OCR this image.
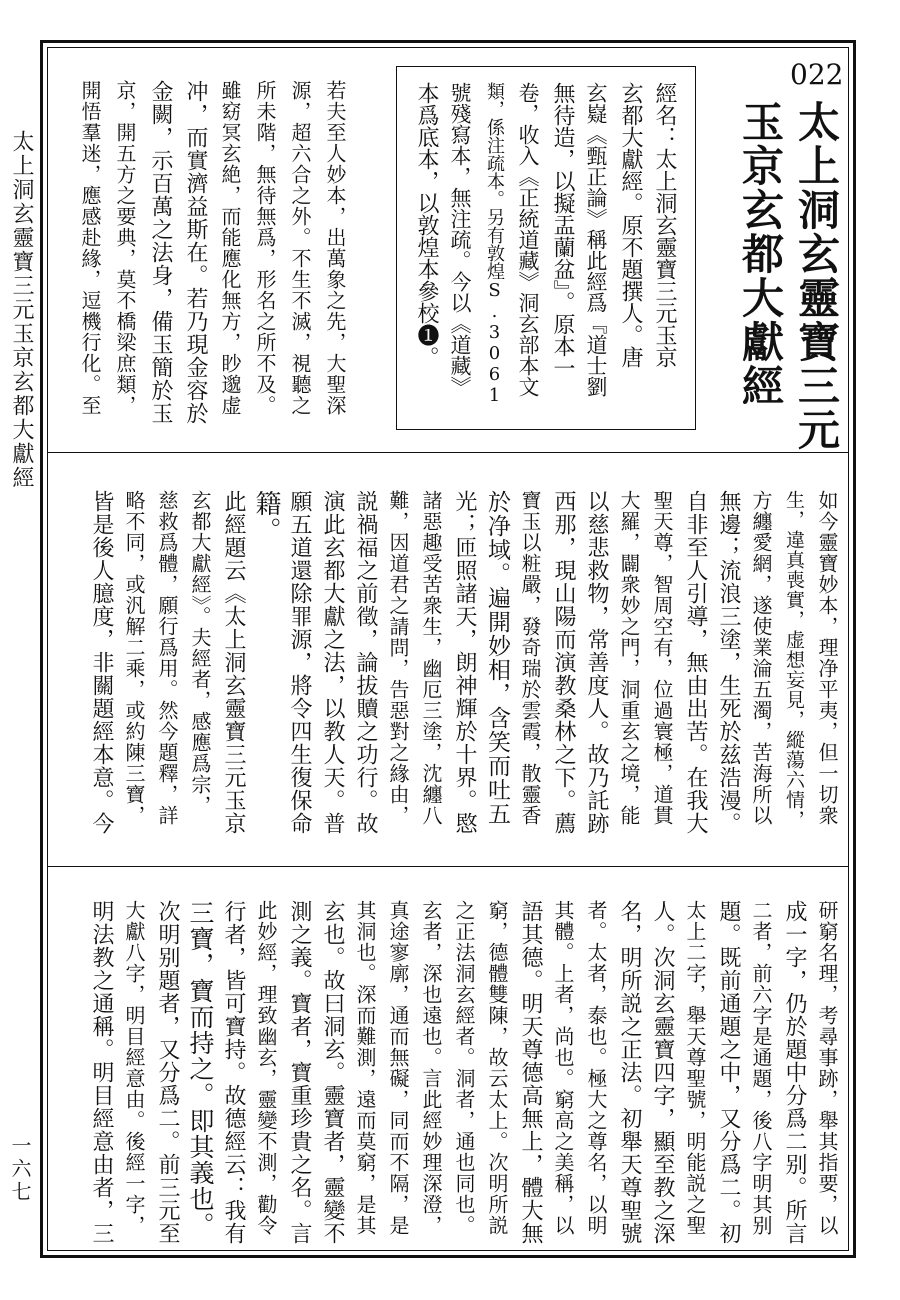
太上洞玄靈寶三元玉京玄都大獻經
一六七
022
太上洞玄靈寶三元
玉京玄都大獻經
經名：太上洞玄靈寶三元玉京
玄都大獻經。原不題撰人。唐
玄嶷《甄正論》稱此經爲『道士劉
無待造，以擬盂蘭盆』。原本一
卷，收入《正統道藏》洞玄部本文
類，係注疏本。另有敦煌S.3061
號殘寫本，無注疏。今以《道藏》
本爲底本，以敦煌本參校❶。
若夫至人妙本，出萬象之先，大聖深
源，超六合之外。不生不滅，視聽之
所未階，無待無爲，形名之所不及。
雖窈冥玄絶，而能應化無方，眇邈虚
冲，而實濟益斯在。若乃現金容於
金闕，示百萬之法身，備玉簡於玉
京，開五方之要典，莫不橋梁庶類，
開悟羣迷，應感赴緣，逗機行化。至
如今靈寶妙本，理净平夷，但一切衆
生，違真喪實，虚想妄見，縱蕩六情，
方纏愛網，遂使業淪五濁，苦海所以
無邊；流浪三塗，生死於兹浩漫。
自非至人引導，無由出苦。在我大
聖天尊，智周空有，位過寰極，道貫
大羅，闢衆妙之門，洞重玄之境，能
以慈悲救物，常善度人。故乃託跡
西那，現山陽而演教桑林之下。薦
寶玉以粧嚴，發奇瑞於雲霞，散靈香
於净域。遍開妙相，含笑而吐五
光；匝照諸天，朗神輝於十界。愍
諸惡趣受苦衆生，幽厄三塗，沈纏八
難，因道君之請問，告惡對之緣由，
説禍福之前徵，論拔贖之功行。故
演此玄都大獻之法，以教人天。普
願五道還除罪源，將令四生復保命
籍。
此經題云《太上洞玄靈寶三元玉京
玄都大獻經》。夫經者，感應爲宗，
慈救爲體，願行爲用。然今題釋，詳
略不同，或汎解二乘，或約陳三寶，
皆是後人臆度，非關題經本意。今
研窮名理，考尋事跡，舉其指要，以
成一字，仍於題中分爲二别。所言
二者，前六字是通題，後八字明其别
題。既前通題之中，又分爲二。初
太上二字，舉天尊聖號，明能説之聖
人。次洞玄靈寶四字，顯至教之深
名，明所説之正法。初舉天尊聖號
者。太者，泰也。極大之尊名，以明
其體。上者，尚也。窮高之美稱，以
語其德。明天尊德高無上，體大無
窮，德體雙陳，故云太上。次明所説
之正法洞玄經者。洞者，通也同也。
玄者，深也遠也。言此經妙理深澄，
真途寥廓，通而無礙，同而不隔，是
其洞也。深而難測，遠而莫窮，是其
玄也。故曰洞玄。靈寶者，靈變不
測之義。寶者，寶重珍貴之名。言
此妙經，理致幽玄，靈變不測，勸令
行者，皆可寶持。故德經云：我有
三寶，寶而持之。即其義也。
次明别題者，又分爲二。前三元至
大獻八字，明目經意由。後經一字，
明法教之通稱。明目經意由者，三
